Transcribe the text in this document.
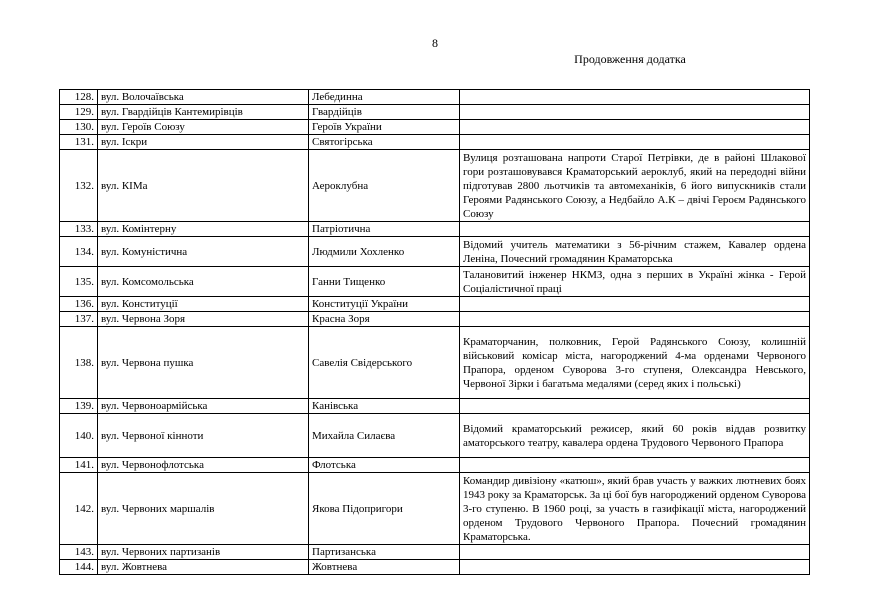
8
Продовження додатка
128.	вул. Волочаївська	Лебединна	
129.	вул. Гвардійців Кантемирівців	Гвардійців	
130.	вул. Героїв Союзу	Героїв України	
131.	вул. Іскри	Святогірська	
132.	вул. КІМа	Аероклубна	Вулиця розташована напроти Старої Петрівки, де в районі Шлакової гори розташовувався Краматорський аероклуб, який на передодні війни підготував 2800 льотчиків та автомеханіків, 6 його випускників стали Героями Радянського Союзу, а Недбайло А.К – двічі Героєм Радянського Союзу
133.	вул. Комінтерну	Патріотична	
134.	вул. Комуністична	Людмили Хохленко	Відомий учитель математики з 56-річним стажем, Кавалер ордена Леніна, Почесний громадянин Краматорська
135.	вул. Комсомольська	Ганни Тищенко	Талановитий інженер НКМЗ, одна з перших в Україні жінка - Герой Соціалістичної праці
136.	вул. Конституції	Конституції України	
137.	вул. Червона Зоря	Красна Зоря	
138.	вул. Червона пушка	Савелія Свідерського	Краматорчанин, полковник, Герой Радянського Союзу, колишній військовий комісар міста, нагороджений 4-ма орденами Червоного Прапора, орденом Суворова 3-го ступеня, Олександра Невського, Червоної Зірки і багатьма медалями (серед яких і польські)
139.	вул. Червоноармійська	Канівська	
140.	вул. Червоної кінноти	Михайла Силаєва	Відомий краматорський режисер, який 60 років віддав розвитку аматорського театру, кавалера ордена Трудового Червоного Прапора
141.	вул. Червонофлотська	Флотська	
142.	вул. Червоних маршалів	Якова Підопригори	Командир дивізіону «катюш», який брав участь у важких лютневих боях 1943 року за Краматорськ. За ці бої був нагороджений орденом Суворова 3-го ступеню. В 1960 році, за участь в газифікації міста, нагороджений орденом Трудового Червоного Прапора. Почесний громадянин Краматорська.
143.	вул. Червоних партизанів	Партизанська	
144.	вул. Жовтнева	Жовтнева	
